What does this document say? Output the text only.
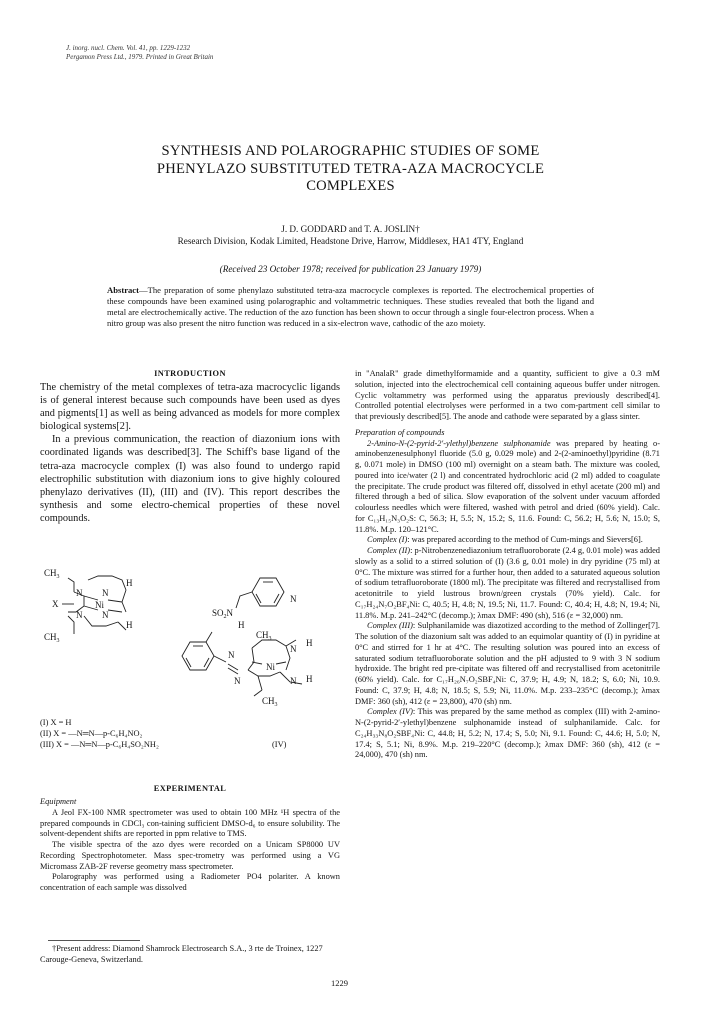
J. inorg. nucl. Chem. Vol. 41, pp. 1229-1232
Pergamon Press Ltd., 1979. Printed in Great Britain
SYNTHESIS AND POLAROGRAPHIC STUDIES OF SOME
PHENYLAZO SUBSTITUTED TETRA-AZA MACROCYCLE
COMPLEXES
J. D. GODDARD and T. A. JOSLIN†
Research Division, Kodak Limited, Headstone Drive, Harrow, Middlesex, HA1 4TY, England
(Received 23 October 1978; received for publication 23 January 1979)
Abstract—The preparation of some phenylazo substituted tetra-aza macrocycle complexes is reported. The electrochemical properties of these compounds have been examined using polarographic and voltammetric techniques. These studies revealed that both the ligand and metal are electrochemically active. The reduction of the azo function has been shown to occur through a single four-electron process. When a nitro group was also present the nitro function was reduced in a six-electron wave, cathodic of the azo moiety.
INTRODUCTION

The chemistry of the metal complexes of tetra-aza macrocyclic ligands is of general interest because such compounds have been used as dyes and pigments[1] as well as being advanced as models for more complex biological systems[2].

In a previous communication, the reaction of diazonium ions with coordinated ligands was described[3]. The Schiff's base ligand of the tetra-aza macrocycle complex (I) was also found to undergo rapid electrophilic substitution with diazonium ions to give highly coloured phenylazo derivatives (II), (III) and (IV). This report describes the synthesis and some electro-chemical properties of these novel compounds.

$CH_3$
N N
Ni
N N
H
H
X
$CH_3$
N
$SO_2N$
H
$CH_3$
N
N
Ni
N
N
H
H
$CH_3$
(I) X = H
(II) X = —N═N—p-C₆H₄NO₂
(III) X = —N═N—p-C₆H₄SO₂NH₂	(IV)
EXPERIMENTAL

Equipment

A Jeol FX-100 NMR spectrometer was used to obtain 100 MHz ¹H spectra of the prepared compounds in CDCl₃ con-taining sufficient DMSO-d₆ to ensure solubility. The solvent-dependent shifts are reported in ppm relative to TMS.

The visible spectra of the azo dyes were recorded on a Unicam SP8000 UV Recording Spectrophotometer. Mass spec-trometry was performed using a VG Micromass ZAB-2F reverse geometry mass spectrometer.

Polarography was performed using a Radiometer PO4 polariter. A known concentration of each sample was dissolved

†Present address: Diamond Shamrock Electrosearch S.A., 3 rte de Troinex, 1227 Carouge-Geneva, Switzerland.

in "AnalaR" grade dimethylformamide and a quantity, sufficient to give a 0.3 mM solution, injected into the electrochemical cell containing aqueous buffer under nitrogen. Cyclic voltammetry was performed using the apparatus previously described[4]. Controlled potential electrolyses were performed in a two com-partment cell similar to that previously described[5]. The anode and cathode were separated by a glass sinter.

Preparation of compounds

2-Amino-N-(2-pyrid-2′-ylethyl)benzene sulphonamide was prepared by heating o-aminobenzenesulphonyl fluoride (5.0 g, 0.029 mole) and 2-(2-aminoethyl)pyridine (8.71 g, 0.071 mole) in DMSO (100 ml) overnight on a steam bath. The mixture was cooled, poured into ice/water (2 l) and concentrated hydrochloric acid (2 ml) added to coagulate the precipitate. The crude product was filtered off, dissolved in ethyl acetate (200 ml) and filtered through a bed of silica. Slow evaporation of the solvent under vacuum afforded colourless needles which were filtered, washed with petrol and dried (60% yield). Calc. for C₁₃H₁₅N₃O₂S: C, 56.3; H, 5.5; N, 15.2; S, 11.6. Found: C, 56.2; H, 5.6; N, 15.0; S, 11.8%. M.p. 120–121°C.

Complex (I): was prepared according to the method of Cum-mings and Sievers[6].

Complex (II): p-Nitrobenzenediazonium tetrafluoroborate (2.4 g, 0.01 mole) was added slowly as a solid to a stirred solution of (I) (3.6 g, 0.01 mole) in dry pyridine (75 ml) at 0°C. The mixture was stirred for a further hour, then added to a saturated aqueous solution of sodium tetrafluoroborate (1800 ml). The precipitate was filtered and recrystallised from acetonitrile to yield lustrous brown/green crystals (70% yield). Calc. for C₁₇H₂₄N₇O₂BF₄Ni: C, 40.5; H, 4.8; N, 19.5; Ni, 11.7. Found: C, 40.4; H, 4.8; N, 19.4; Ni, 11.8%. M.p. 241–242°C (decomp.); λmax DMF: 490 (sh), 516 (ε = 32,000) nm.

Complex (III): Sulphanilamide was diazotized according to the method of Zollinger[7]. The solution of the diazonium salt was added to an equimolar quantity of (I) in pyridine at 0°C and stirred for 1 hr at 4°C. The resulting solution was poured into an excess of saturated sodium tetrafluoroborate solution and the pH adjusted to 9 with 3 N sodium hydroxide. The bright red pre-cipitate was filtered off and recrystallised from acetonitrile (60% yield). Calc. for C₁₇H₂₆N₇O₂SBF₄Ni: C, 37.9; H, 4.9; N, 18.2; S, 6.0; Ni, 10.9. Found: C, 37.9; H, 4.8; N, 18.5; S, 5.9; Ni, 11.0%. M.p. 233–235°C (decomp.); λmax DMF: 360 (sh), 412 (ε = 23,800), 470 (sh) nm.

Complex (IV): This was prepared by the same method as complex (III) with 2-amino-N-(2-pyrid-2′-ylethyl)benzene sulphonamide instead of sulphanilamide. Calc. for C₂₄H₃₃N₈O₂SBF₄Ni: C, 44.8; H, 5.2; N, 17.4; S, 5.0; Ni, 9.1. Found: C, 44.6; H, 5.0; N, 17.4; S, 5.1; Ni, 8.9%. M.p. 219–220°C (decomp.); λmax DMF: 360 (sh), 412 (ε = 24,000), 470 (sh) nm.

1229
